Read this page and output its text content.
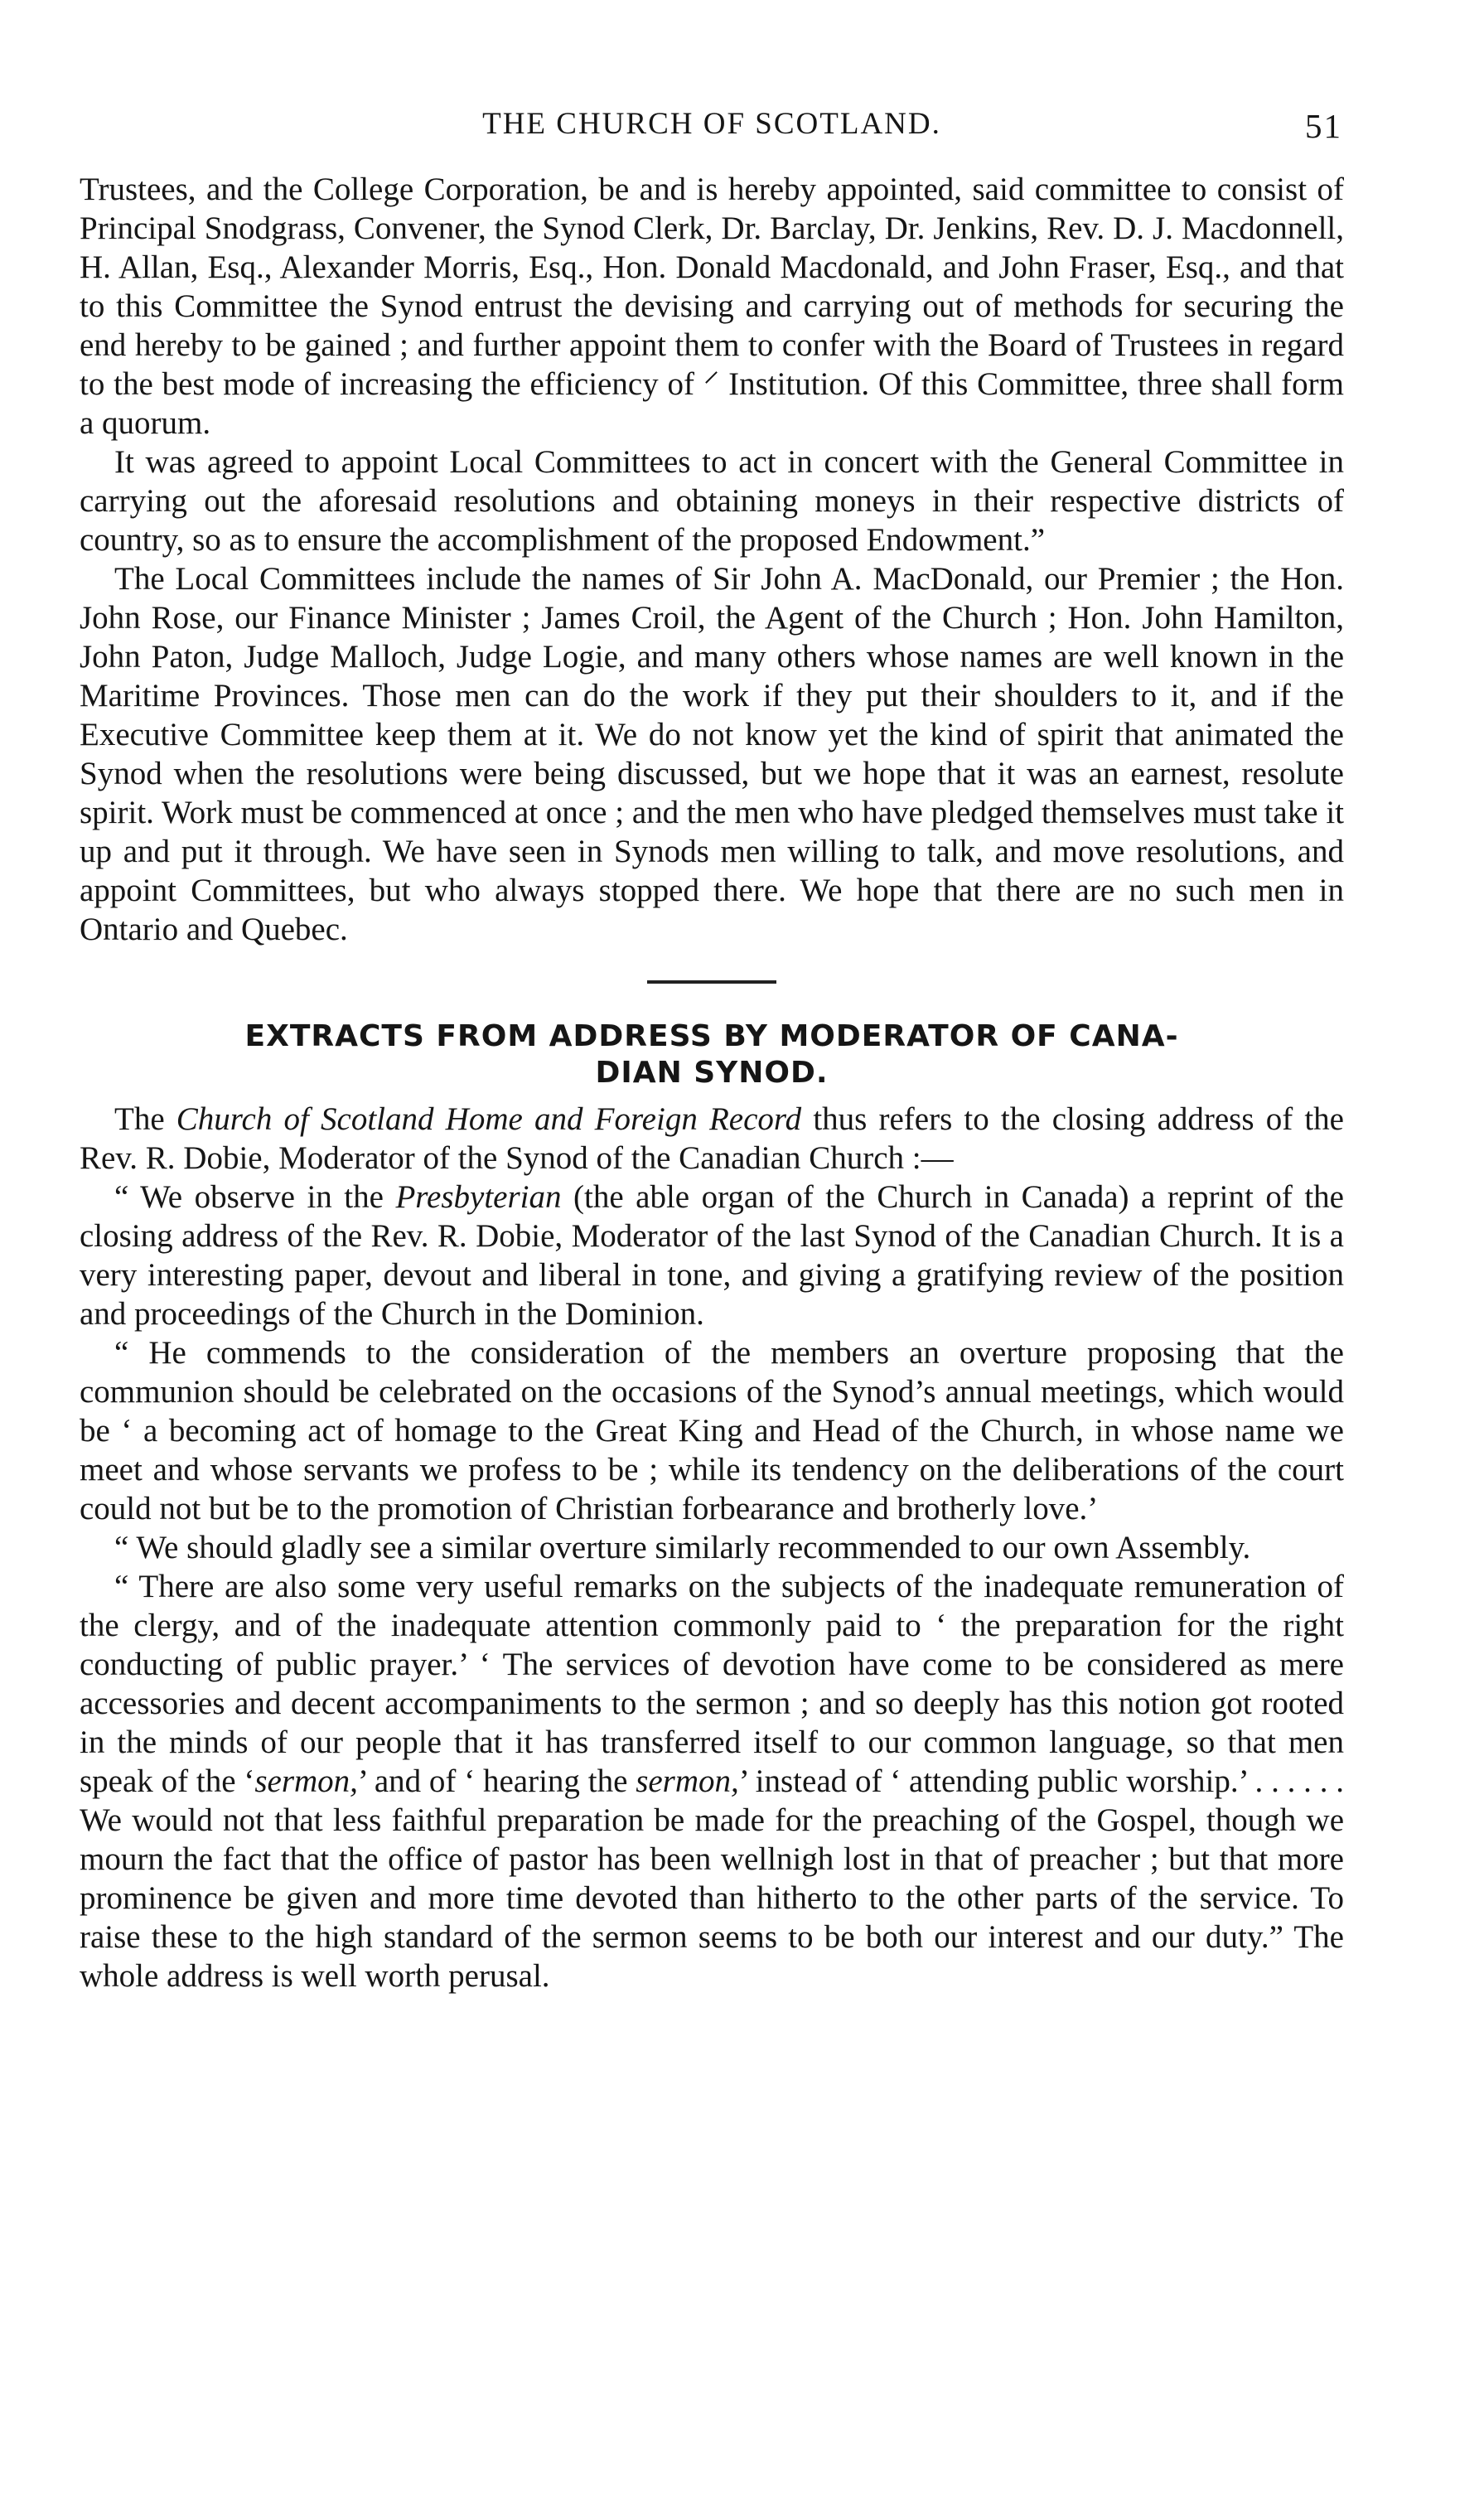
THE CHURCH OF SCOTLAND.	51

Trustees, and the College Corporation, be and is hereby appointed, said committee to consist of Principal Snodgrass, Convener, the Synod Clerk, Dr. Barclay, Dr. Jenkins, Rev. D. J. Macdonnell, H. Allan, Esq., Alexander Morris, Esq., Hon. Donald Macdonald, and John Fraser, Esq., and that to this Committee the Synod entrust the devising and carrying out of methods for securing the end hereby to be gained ; and further appoint them to confer with the Board of Trustees in regard to the best mode of increasing the efficiency of ⸍ Institution. Of this Committee, three shall form a quorum.

It was agreed to appoint Local Committees to act in concert with the General Committee in carrying out the aforesaid resolutions and obtaining moneys in their respective districts of country, so as to ensure the accomplishment of the proposed Endowment.”

The Local Committees include the names of Sir John A. MacDonald, our Premier ; the Hon. John Rose, our Finance Minister ; James Croil, the Agent of the Church ; Hon. John Hamilton, John Paton, Judge Malloch, Judge Logie, and many others whose names are well known in the Maritime Provinces. Those men can do the work if they put their shoulders to it, and if the Executive Committee keep them at it. We do not know yet the kind of spirit that animated the Synod when the resolutions were being discussed, but we hope that it was an earnest, resolute spirit. Work must be commenced at once ; and the men who have pledged themselves must take it up and put it through. We have seen in Synods men willing to talk, and move resolutions, and appoint Committees, but who always stopped there. We hope that there are no such men in Ontario and Quebec.

EXTRACTS FROM ADDRESS BY MODERATOR OF CANA-
DIAN SYNOD.

The Church of Scotland Home and Foreign Record thus refers to the closing address of the Rev. R. Dobie, Moderator of the Synod of the Canadian Church :—

“ We observe in the Presbyterian (the able organ of the Church in Canada) a reprint of the closing address of the Rev. R. Dobie, Moderator of the last Synod of the Canadian Church. It is a very interesting paper, devout and liberal in tone, and giving a gratifying review of the position and proceedings of the Church in the Dominion.

“ He commends to the consideration of the members an overture proposing that the communion should be celebrated on the occasions of the Synod’s annual meetings, which would be ‘ a becoming act of homage to the Great King and Head of the Church, in whose name we meet and whose servants we profess to be ; while its tendency on the deliberations of the court could not but be to the promotion of Christian forbearance and brotherly love.’

“ We should gladly see a similar overture similarly recommended to our own Assembly.

“ There are also some very useful remarks on the subjects of the inadequate remuneration of the clergy, and of the inadequate attention commonly paid to ‘ the preparation for the right conducting of public prayer.’ ‘ The services of devotion have come to be considered as mere accessories and decent accompaniments to the sermon ; and so deeply has this notion got rooted in the minds of our people that it has transferred itself to our common language, so that men speak of the ‘sermon,’ and of ‘ hearing the sermon,’ instead of ‘ attending public worship.’ . . . . . . We would not that less faithful preparation be made for the preaching of the Gospel, though we mourn the fact that the office of pastor has been wellnigh lost in that of preacher ; but that more prominence be given and more time devoted than hitherto to the other parts of the service. To raise these to the high standard of the sermon seems to be both our interest and our duty.” The whole address is well worth perusal.
